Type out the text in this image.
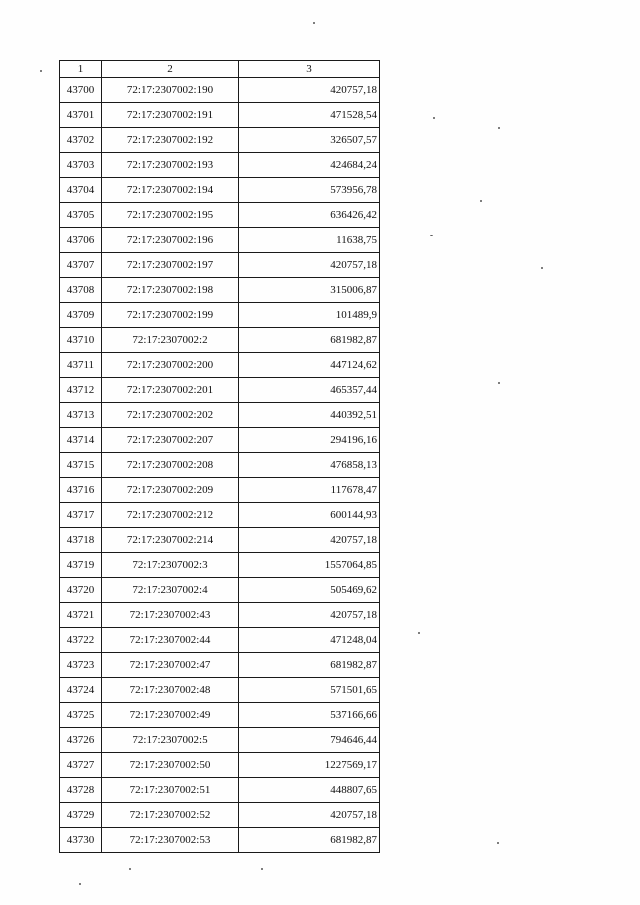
1	2	3
43700	72:17:2307002:190	420757,18
43701	72:17:2307002:191	471528,54
43702	72:17:2307002:192	326507,57
43703	72:17:2307002:193	424684,24
43704	72:17:2307002:194	573956,78
43705	72:17:2307002:195	636426,42
43706	72:17:2307002:196	11638,75
43707	72:17:2307002:197	420757,18
43708	72:17:2307002:198	315006,87
43709	72:17:2307002:199	101489,9
43710	72:17:2307002:2	681982,87
43711	72:17:2307002:200	447124,62
43712	72:17:2307002:201	465357,44
43713	72:17:2307002:202	440392,51
43714	72:17:2307002:207	294196,16
43715	72:17:2307002:208	476858,13
43716	72:17:2307002:209	117678,47
43717	72:17:2307002:212	600144,93
43718	72:17:2307002:214	420757,18
43719	72:17:2307002:3	1557064,85
43720	72:17:2307002:4	505469,62
43721	72:17:2307002:43	420757,18
43722	72:17:2307002:44	471248,04
43723	72:17:2307002:47	681982,87
43724	72:17:2307002:48	571501,65
43725	72:17:2307002:49	537166,66
43726	72:17:2307002:5	794646,44
43727	72:17:2307002:50	1227569,17
43728	72:17:2307002:51	448807,65
43729	72:17:2307002:52	420757,18
43730	72:17:2307002:53	681982,87
